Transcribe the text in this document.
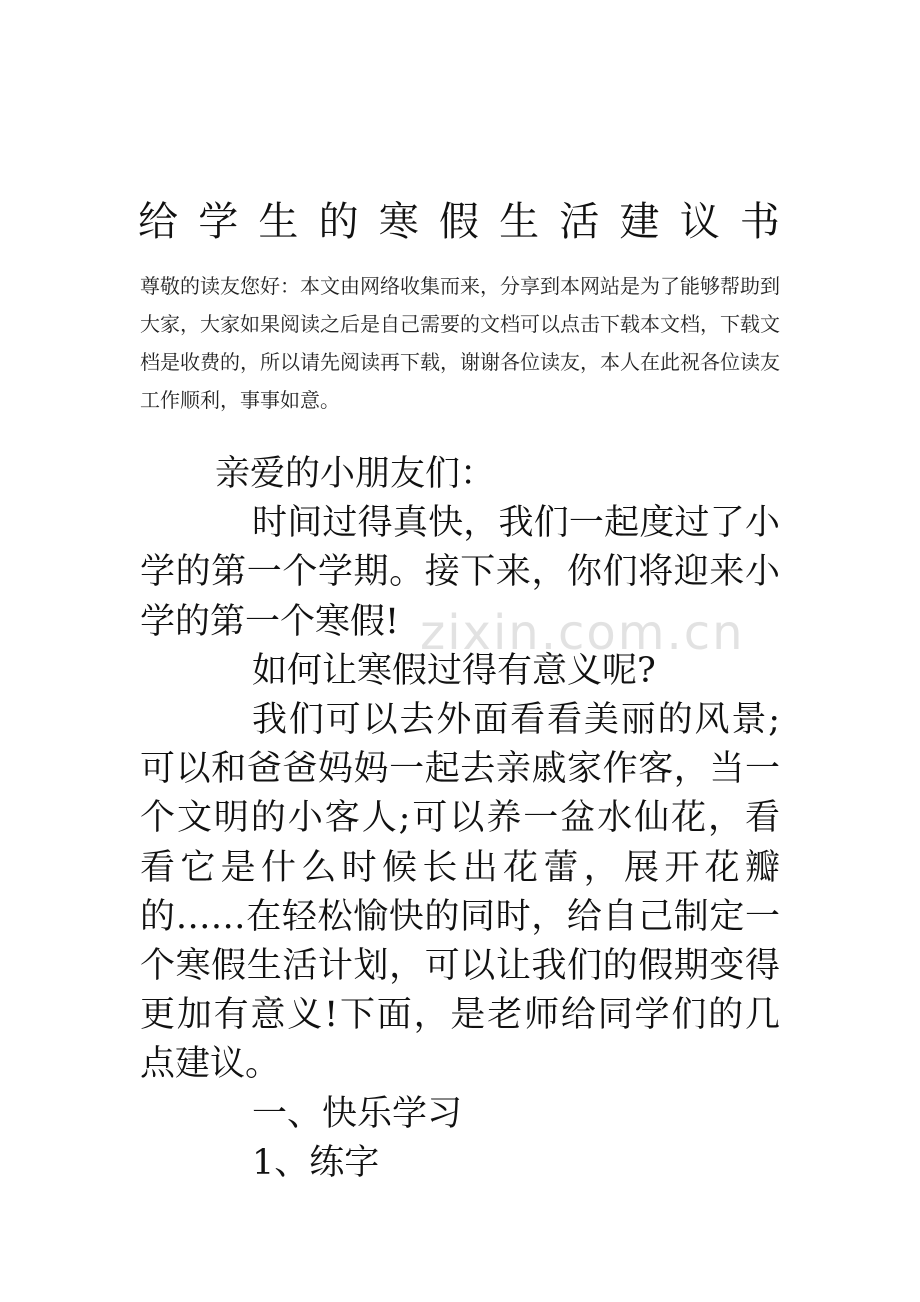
给 学 生 的 寒 假 生 活 建 议 书

尊敬的读友您好：本文由网络收集而来，分享到本网站是为了能够帮助到大家，大家如果阅读之后是自己需要的文档可以点击下载本文档，下载文档是收费的，所以请先阅读再下载，谢谢各位读友，本人在此祝各位读友工作顺利，事事如意。

亲爱的小朋友们：

时间过得真快，我们一起度过了小学的第一个学期。接下来，你们将迎来小学的第一个寒假!

如何让寒假过得有意义呢?

我们可以去外面看看美丽的风景;可以和爸爸妈妈一起去亲戚家作客，当一个文明的小客人;可以养一盆水仙花，看看它是什么时候长出花蕾，展开花瓣的……在轻松愉快的同时，给自己制定一个寒假生活计划，可以让我们的假期变得更加有意义!下面，是老师给同学们的几点建议。

一、快乐学习

1、练字

zixin.com.cn
